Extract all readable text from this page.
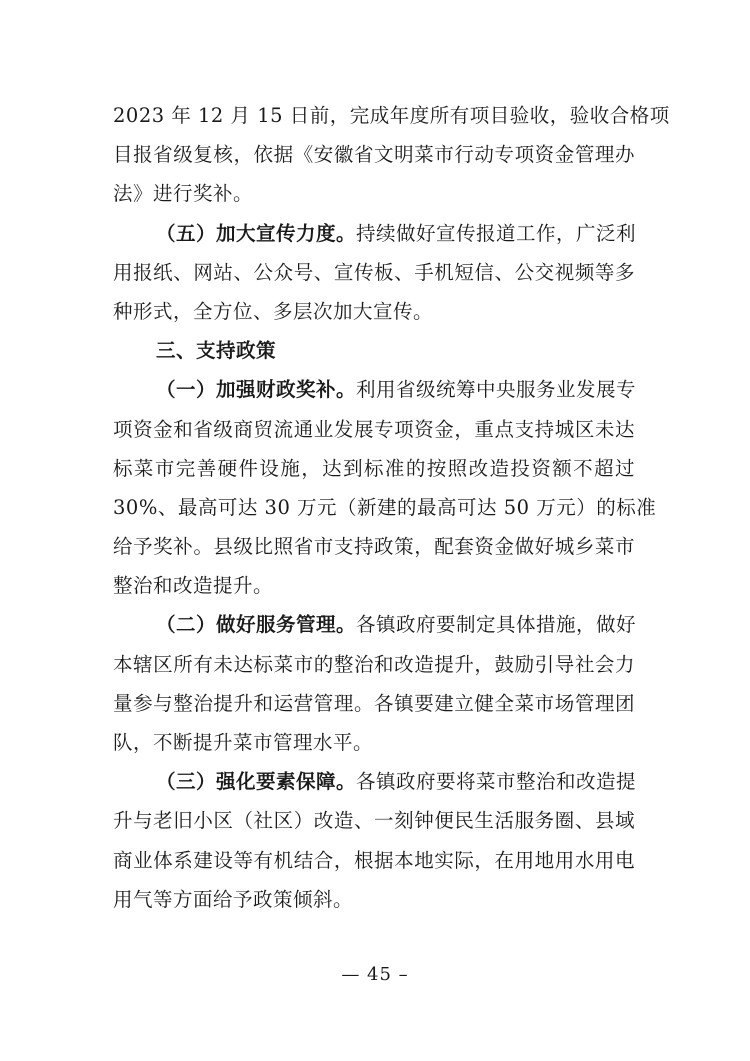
2023 年 12 月 15 日前，完成年度所有项目验收，验收合格项
目报省级复核，依据《安徽省文明菜市行动专项资金管理办
法》进行奖补。
（五）加大宣传力度。持续做好宣传报道工作，广泛利
用报纸、网站、公众号、宣传板、手机短信、公交视频等多
种形式，全方位、多层次加大宣传。
三、支持政策
（一）加强财政奖补。利用省级统筹中央服务业发展专
项资金和省级商贸流通业发展专项资金，重点支持城区未达
标菜市完善硬件设施，达到标准的按照改造投资额不超过
30%、最高可达 30 万元（新建的最高可达 50 万元）的标准
给予奖补。县级比照省市支持政策，配套资金做好城乡菜市
整治和改造提升。
（二）做好服务管理。各镇政府要制定具体措施，做好
本辖区所有未达标菜市的整治和改造提升，鼓励引导社会力
量参与整治提升和运营管理。各镇要建立健全菜市场管理团
队，不断提升菜市管理水平。
（三）强化要素保障。各镇政府要将菜市整治和改造提
升与老旧小区（社区）改造、一刻钟便民生活服务圈、县域
商业体系建设等有机结合，根据本地实际，在用地用水用电
用气等方面给予政策倾斜。
— 45 –
